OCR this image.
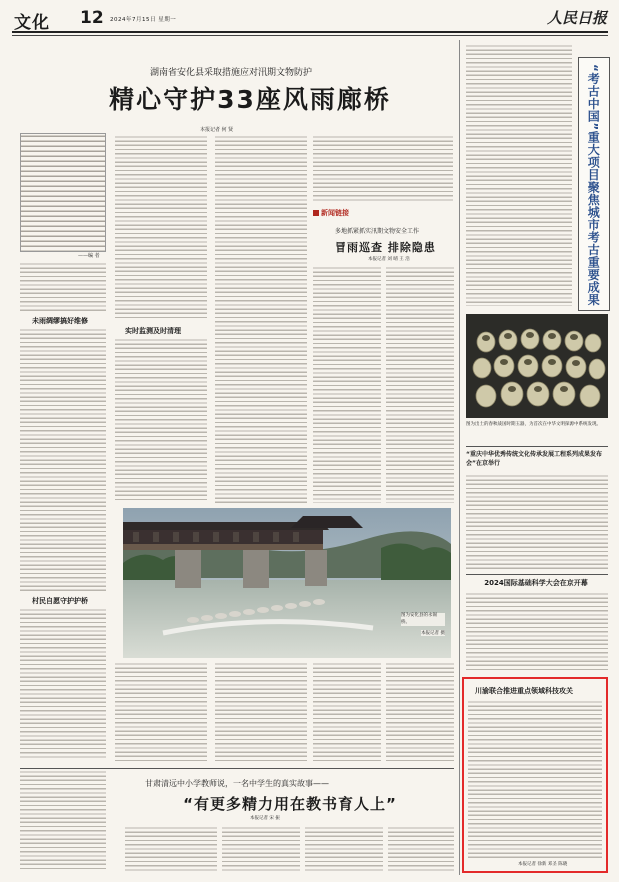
文化 12 2024年7月15日 星期一	人民日报
湖南省安化县采取措施应对汛期文物防护
精心守护33座风雨廊桥
本报记者 何 贤
——编 者
未雨绸缪搞好维修
村民自愿守护护桥
实时监测及时清理
新闻链接
多地抓紧抓实汛期文物安全工作
冒雨巡查 排除隐患
本报记者 刘 晴 王 浩
图为安化县的永锡桥。
本报记者 摄
甘肃清远中小学教师说，一名中学生的真实故事——
“有更多精力用在教书育人上”
本报记者 宋 振
“考古中国”重大项目聚焦城市考古重要成果
图为出土的春秋战国时期玉器，为首次在中华文明探源中系统发现。
“重庆中华优秀传统文化传承发展工程系列成果发布会”在京举行
2024国际基础科学大会在京开幕
川渝联合推进重点领域科技攻关
本报记者 徐新 邓圣 陈晓
